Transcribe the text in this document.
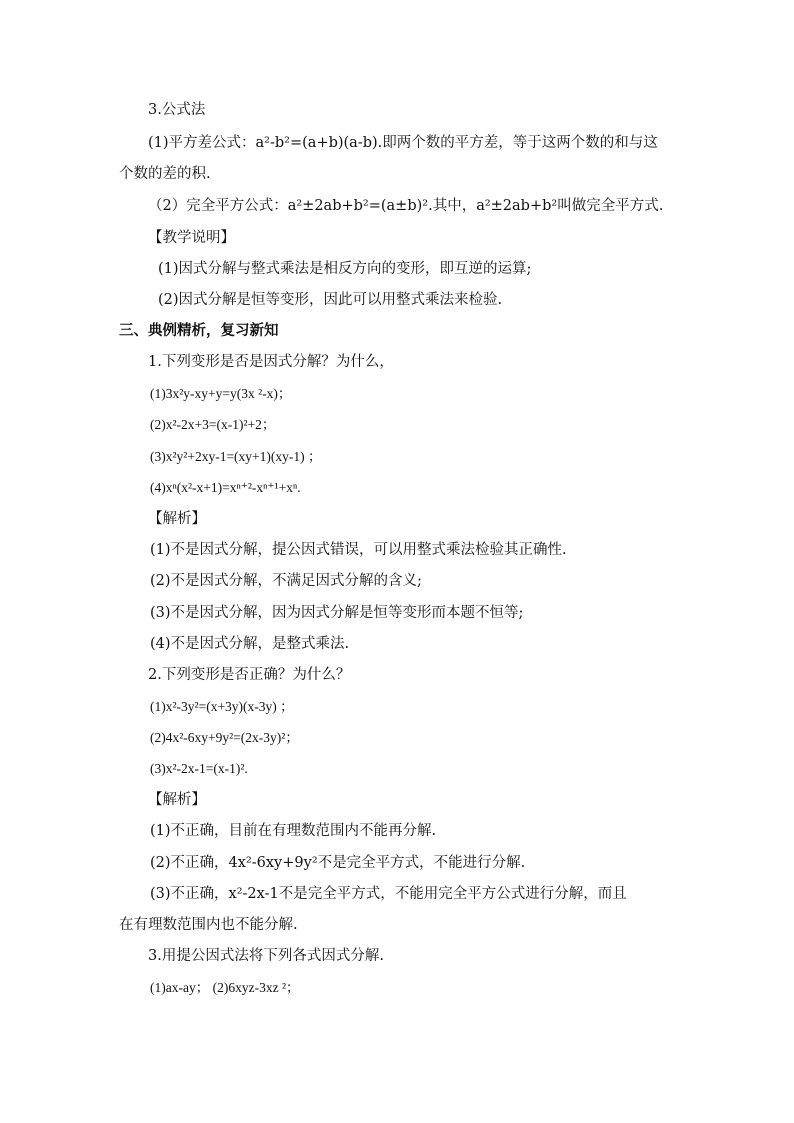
3.公式法
(1)平方差公式：a²-b²=(a+b)(a-b).即两个数的平方差，等于这两个数的和与这
个数的差的积.
（2）完全平方公式：a²±2ab+b²=(a±b)².其中，a²±2ab+b²叫做完全平方式.
【教学说明】
(1)因式分解与整式乘法是相反方向的变形，即互逆的运算;
(2)因式分解是恒等变形，因此可以用整式乘法来检验.
三、典例精析，复习新知
1.下列变形是否是因式分解？为什么，
(1)3x²y-xy+y=y(3x ²-x)；
(2)x²-2x+3=(x-1)²+2；
(3)x²y²+2xy-1=(xy+1)(xy-1) ；
(4)xⁿ(x²-x+1)=xⁿ⁺²-xⁿ⁺¹+xⁿ.
【解析】
(1)不是因式分解，提公因式错误，可以用整式乘法检验其正确性.
(2)不是因式分解，不满足因式分解的含义;
(3)不是因式分解，因为因式分解是恒等变形而本题不恒等;
(4)不是因式分解，是整式乘法.
2.下列变形是否正确？为什么？
(1)x²-3y²=(x+3y)(x-3y) ；
(2)4x²-6xy+9y²=(2x-3y)²；
(3)x²-2x-1=(x-1)².
【解析】
(1)不正确，目前在有理数范围内不能再分解.
(2)不正确，4x²-6xy+9y²不是完全平方式，不能进行分解.
(3)不正确，x²-2x-1不是完全平方式，不能用完全平方公式进行分解，而且
在有理数范围内也不能分解.
3.用提公因式法将下列各式因式分解.
(1)ax-ay； (2)6xyz-3xz ²；
